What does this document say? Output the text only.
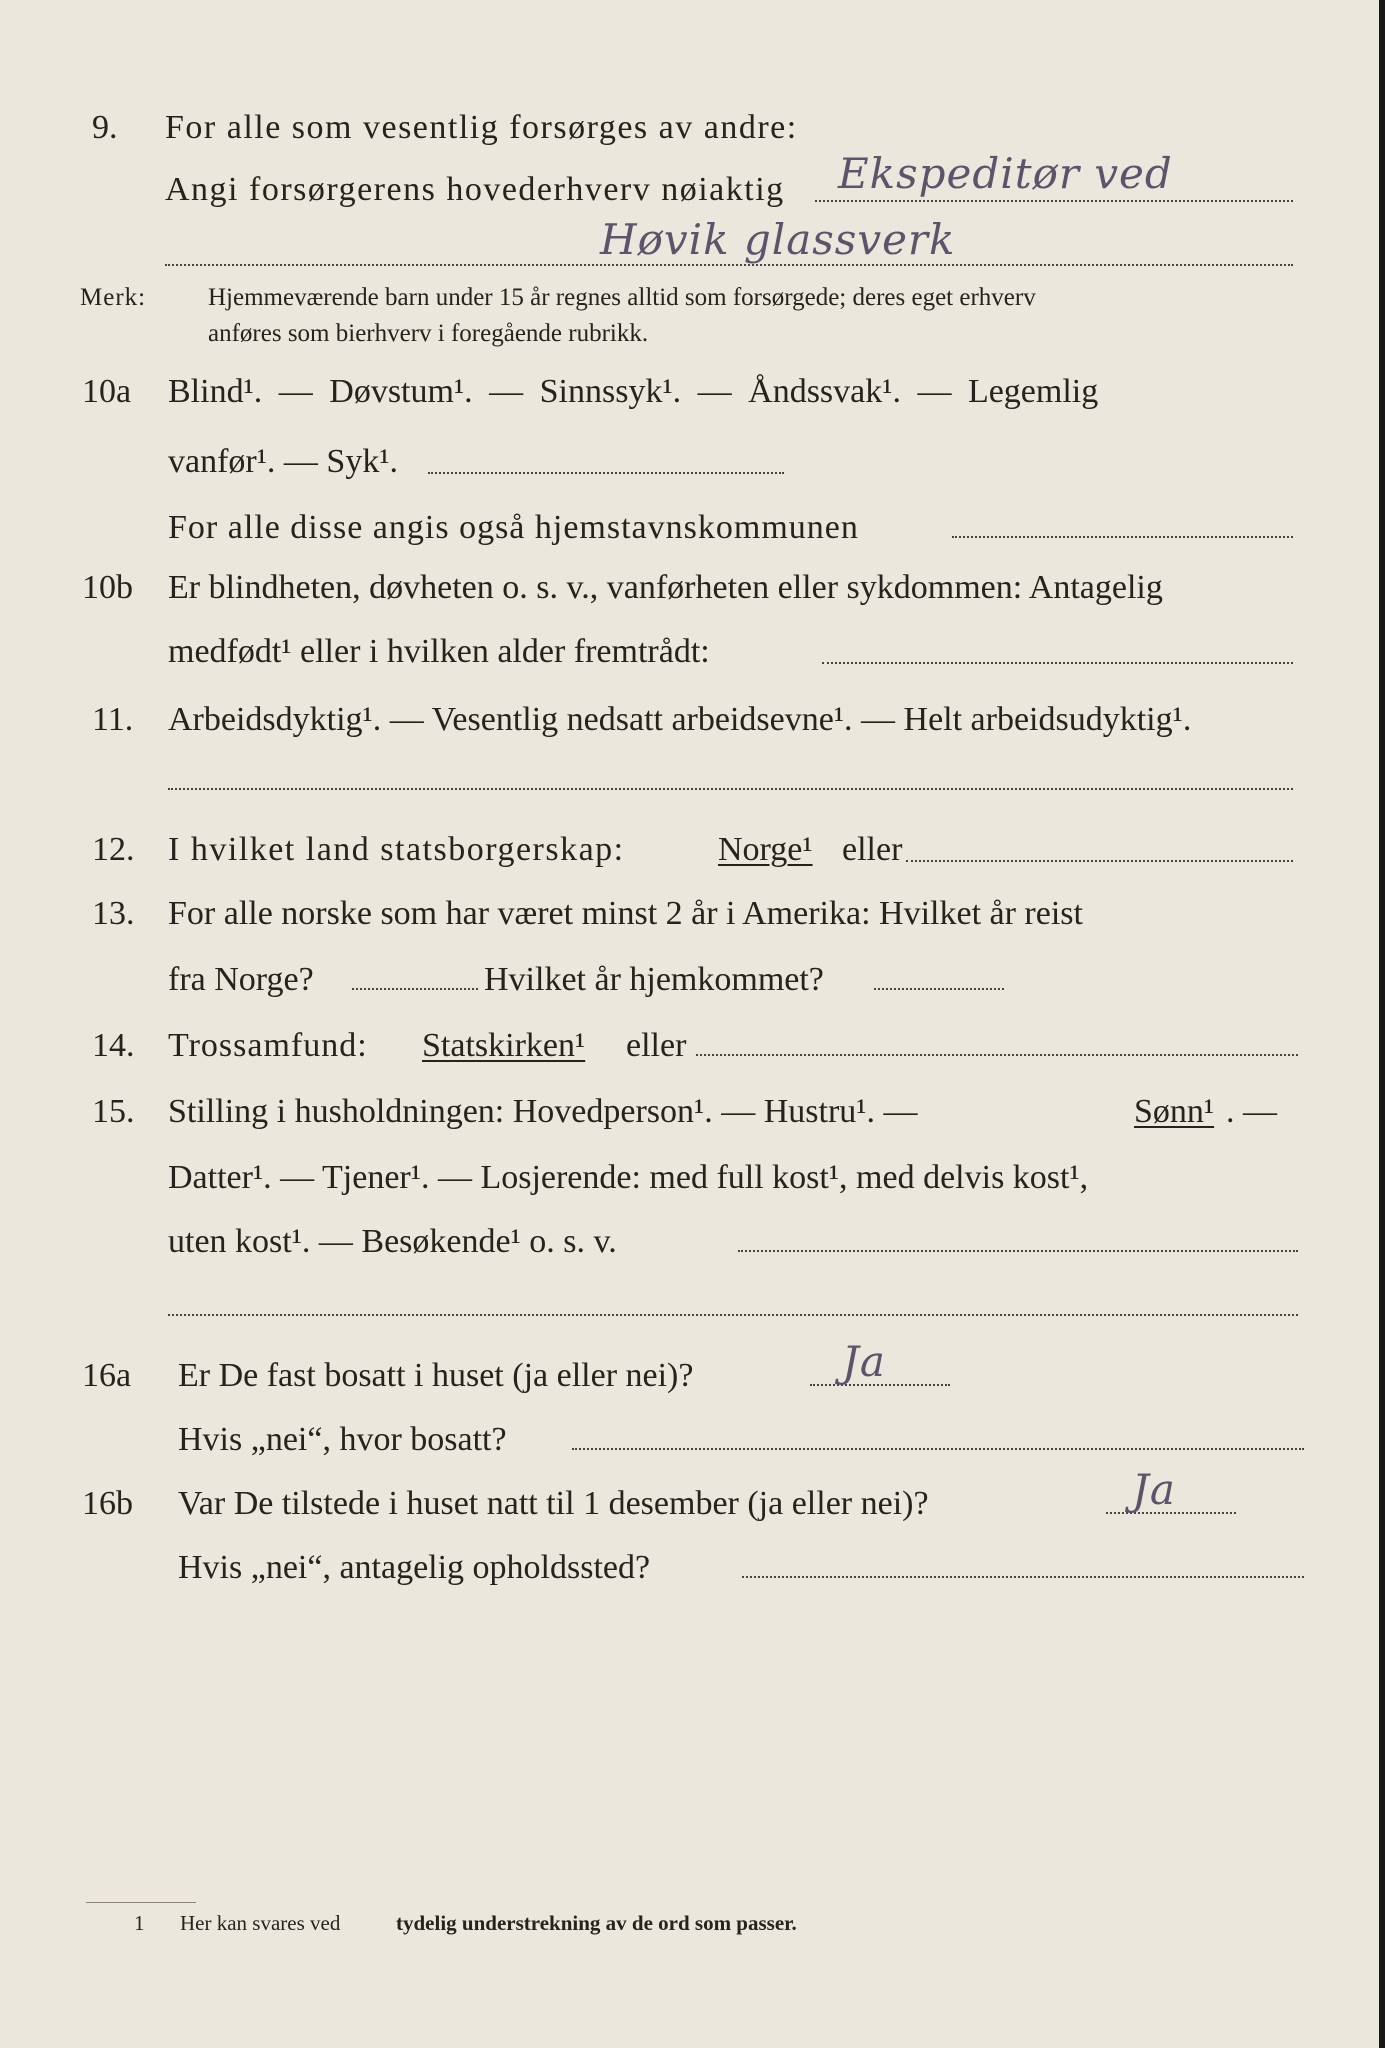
9. For alle som vesentlig forsørges av andre:
Angi forsørgerens hovederhverv nøiaktig Ekspeditør ved
Høvik glassverk
Merk: Hjemmeværende barn under 15 år regnes alltid som forsørgede; deres eget erhverv
anføres som bierhverv i foregående rubrikk.
10a Blind¹. — Døvstum¹. — Sinnssyk¹. — Åndssvak¹. — Legemlig
vanfør¹. — Syk¹.
For alle disse angis også hjemstavnskommunen
10b Er blindheten, døvheten o. s. v., vanførheten eller sykdommen: Antagelig
medfødt¹ eller i hvilken alder fremtrådt:
11. Arbeidsdyktig¹. — Vesentlig nedsatt arbeidsevne¹. — Helt arbeidsudyktig¹.
12. I hvilket land statsborgerskap:	Norge¹ eller
13. For alle norske som har været minst 2 år i Amerika: Hvilket år reist
fra Norge?	Hvilket år hjemkommet?
14. Trossamfund: Statskirken¹ eller
15. Stilling i husholdningen: Hovedperson¹. — Hustru¹. —	Sønn¹ . —
Datter¹. — Tjener¹. — Losjerende: med full kost¹, med delvis kost¹,
uten kost¹. — Besøkende¹ o. s. v.
16a Er De fast bosatt i huset (ja eller nei)?	Ja
Hvis „nei“, hvor bosatt?
16b Var De tilstede i huset natt til 1 desember (ja eller nei)?	Ja
Hvis „nei“, antagelig opholdssted?
1 Her kan svares ved	tydelig understrekning av de ord som passer.
